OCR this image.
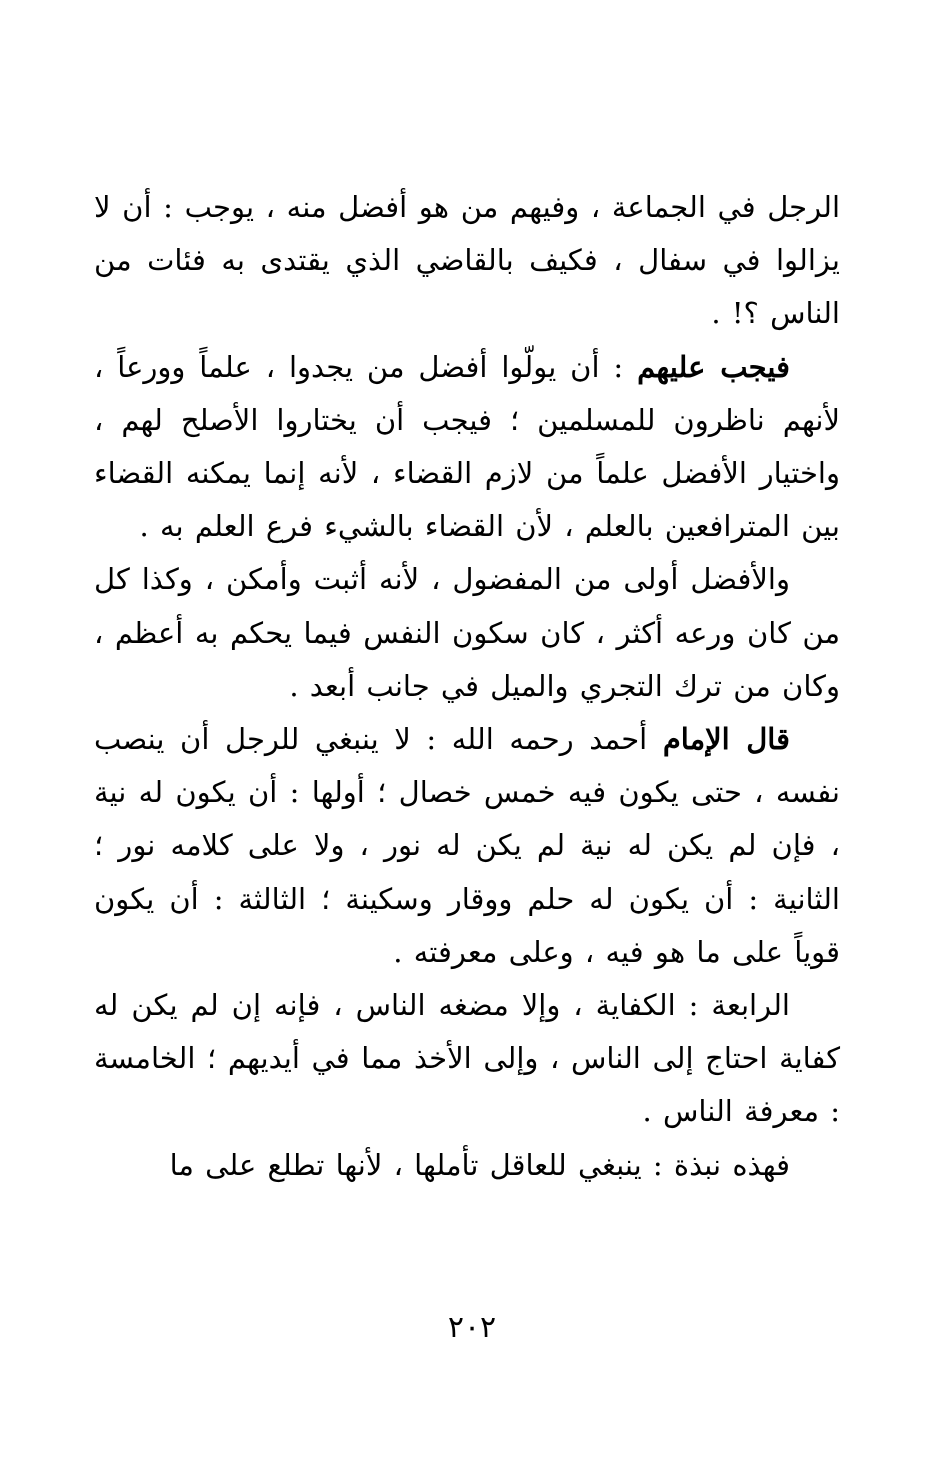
الرجل في الجماعة ، وفيهم من هو أفضل منه ، يوجب : أن لا يزالوا في سفال ، فكيف بالقاضي الذي يقتدى به فئات من الناس ؟! .

فيجب عليهم : أن يولّوا أفضل من يجدوا ، علماً وورعاً ، لأنهم ناظرون للمسلمين ؛ فيجب أن يختاروا الأصلح لهم ، واختيار الأفضل علماً من لازم القضاء ، لأنه إنما يمكنه القضاء بين المترافعين بالعلم ، لأن القضاء بالشيء فرع العلم به .

والأفضل أولى من المفضول ، لأنه أثبت وأمكن ، وكذا كل من كان ورعه أكثر ، كان سكون النفس فيما يحكم به أعظم ، وكان من ترك التجري والميل في جانب أبعد .

قال الإمام أحمد رحمه الله : لا ينبغي للرجل أن ينصب نفسه ، حتى يكون فيه خمس خصال ؛ أولها : أن يكون له نية ، فإن لم يكن له نية لم يكن له نور ، ولا على كلامه نور ؛ الثانية : أن يكون له حلم ووقار وسكينة ؛ الثالثة : أن يكون قوياً على ما هو فيه ، وعلى معرفته .

الرابعة : الكفاية ، وإلا مضغه الناس ، فإنه إن لم يكن له كفاية احتاج إلى الناس ، وإلى الأخذ مما في أيديهم ؛ الخامسة : معرفة الناس .

فهذه نبذة : ينبغي للعاقل تأملها ، لأنها تطلع على ما

٢٠٢
